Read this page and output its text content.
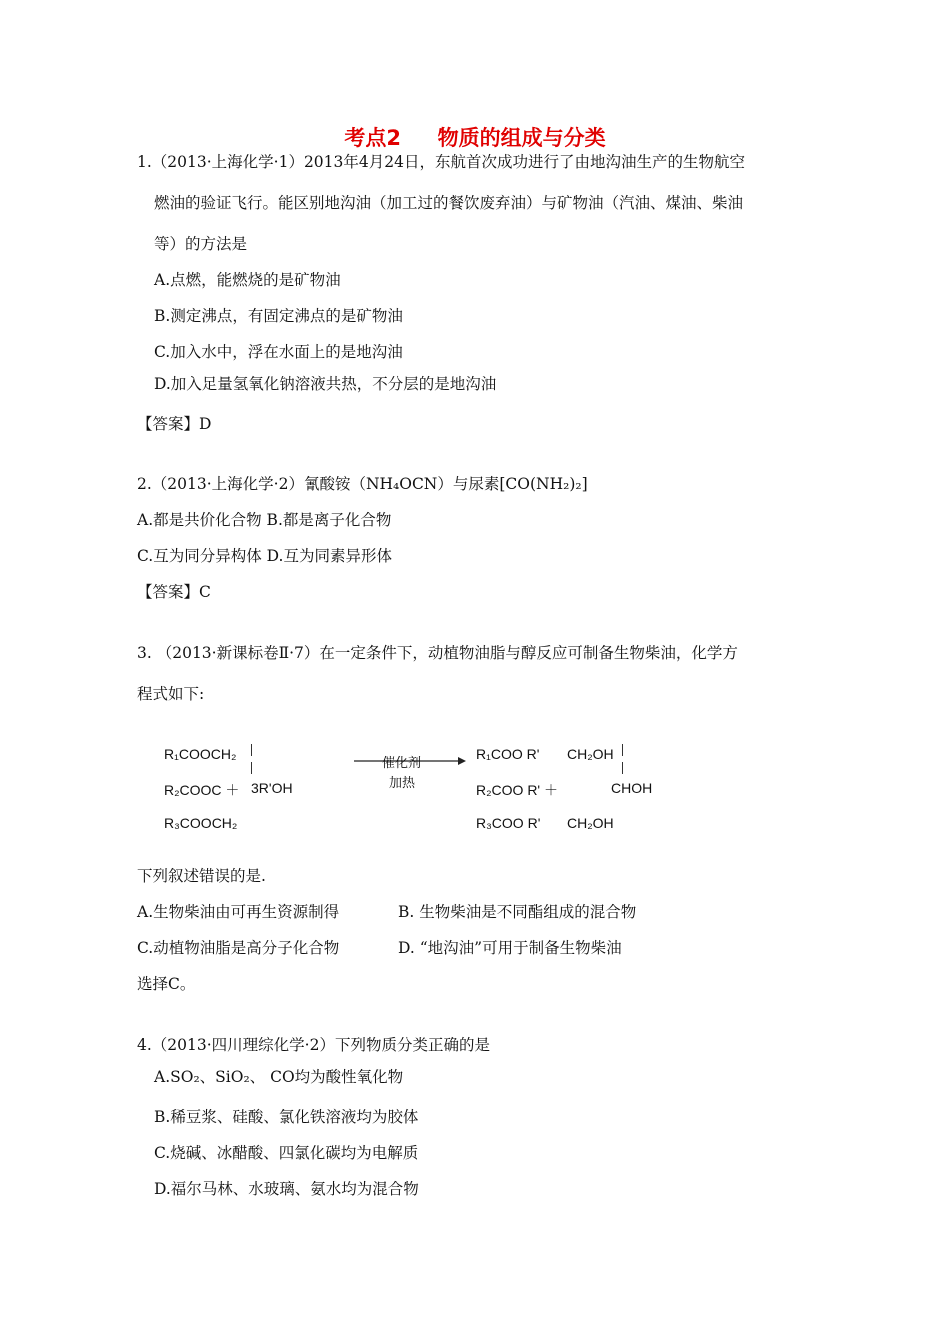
考点2     物质的组成与分类
1.（2013·上海化学·1）2013年4月24日，东航首次成功进行了由地沟油生产的生物航空
燃油的验证飞行。能区别地沟油（加工过的餐饮废弃油）与矿物油（汽油、煤油、柴油
等）的方法是
A.点燃，能燃烧的是矿物油
B.测定沸点，有固定沸点的是矿物油
C.加入水中，浮在水面上的是地沟油
D.加入足量氢氧化钠溶液共热，不分层的是地沟油
【答案】D
2.（2013·上海化学·2）氰酸铵（NH₄OCN）与尿素[CO(NH₂)₂]
A.都是共价化合物 B.都是离子化合物
C.互为同分异构体 D.互为同素异形体
【答案】C
3. （2013·新课标卷Ⅱ·7）在一定条件下，动植物油脂与醇反应可制备生物柴油，化学方
程式如下:
R₁COOCH₂
R₂COOC ＋ 3R'OH
R₃COOCH₂
催化剂
加热
R₁COO R'
R₂COO R' ＋
R₃COO R'
CH₂OH
CHOH
CH₂OH
下列叙述错误的是.
A.生物柴油由可再生资源制得	B. 生物柴油是不同酯组成的混合物
C.动植物油脂是高分子化合物	D. “地沟油”可用于制备生物柴油
选择C。
4.（2013·四川理综化学·2）下列物质分类正确的是
A.SO₂、SiO₂、 CO均为酸性氧化物
B.稀豆浆、硅酸、氯化铁溶液均为胶体
C.烧碱、冰醋酸、四氯化碳均为电解质
D.福尔马林、水玻璃、氨水均为混合物
